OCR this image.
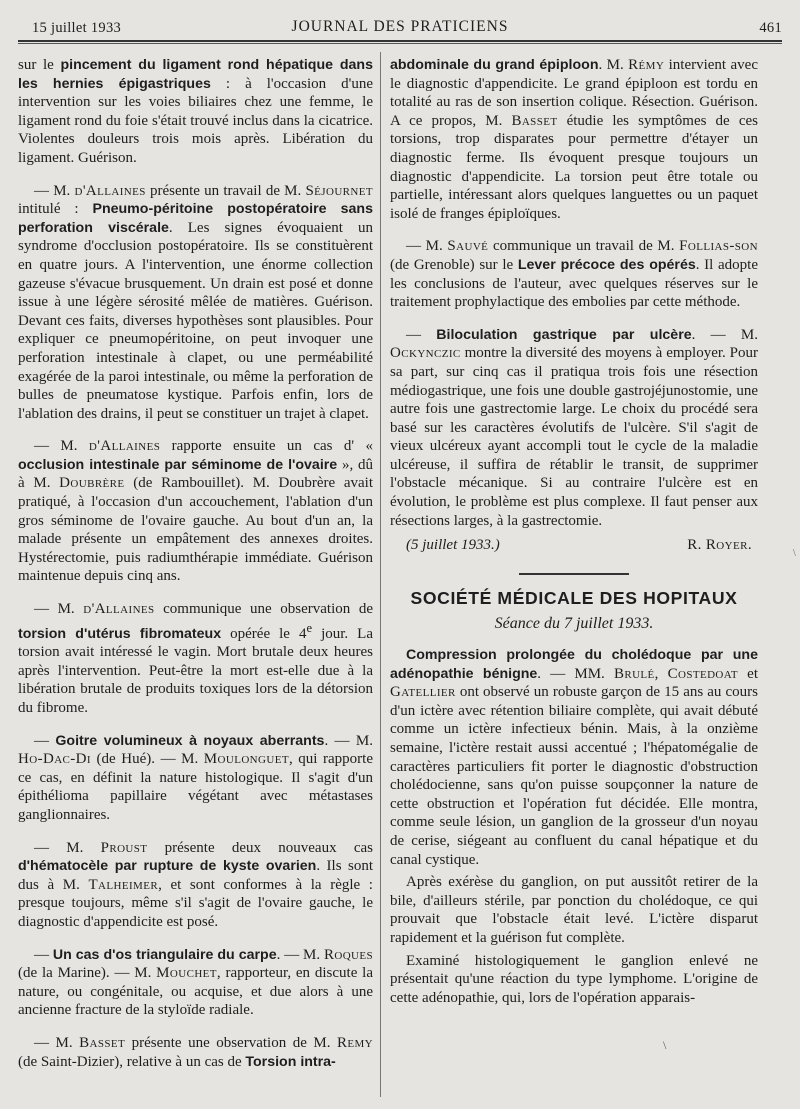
15 juillet 1933	JOURNAL DES PRATICIENS	461

sur le pincement du ligament rond hépatique dans les hernies épigastriques : à l'occasion d'une intervention sur les voies biliaires chez une femme, le ligament rond du foie s'était trouvé inclus dans la cicatrice. Violentes douleurs trois mois après. Libération du ligament. Guérison.

— M. d'Allaines présente un travail de M. Séjournet intitulé : Pneumo-péritoine postopératoire sans perforation viscérale. Les signes évoquaient un syndrome d'occlusion postopératoire. Ils se constituèrent en quatre jours. A l'intervention, une énorme collection gazeuse s'évacue brusquement. Un drain est posé et donne issue à une légère sérosité mêlée de matières. Guérison. Devant ces faits, diverses hypothèses sont plausibles. Pour expliquer ce pneumopéritoine, on peut invoquer une perforation intestinale à clapet, ou une perméabilité exagérée de la paroi intestinale, ou même la perforation de bulles de pneumatose kystique. Parfois enfin, lors de l'ablation des drains, il peut se constituer un trajet à clapet.

— M. d'Allaines rapporte ensuite un cas d' « occlusion intestinale par séminome de l'ovaire », dû à M. Doubrère (de Rambouillet). M. Doubrère avait pratiqué, à l'occasion d'un accouchement, l'ablation d'un gros séminome de l'ovaire gauche. Au bout d'un an, la malade présente un empâtement des annexes droites. Hystérectomie, puis radiumthérapie immédiate. Guérison maintenue depuis cinq ans.

— M. d'Allaines communique une observation de torsion d'utérus fibromateux opérée le 4e jour. La torsion avait intéressé le vagin. Mort brutale deux heures après l'intervention. Peut-être la mort est-elle due à la libération brutale de produits toxiques lors de la détorsion du fibrome.

— Goitre volumineux à noyaux aberrants. — M. Ho-Dac-Di (de Hué). — M. Moulonguet, qui rapporte ce cas, en définit la nature histologique. Il s'agit d'un épithélioma papillaire végétant avec métastases ganglionnaires.

— M. Proust présente deux nouveaux cas d'hématocèle par rupture de kyste ovarien. Ils sont dus à M. Talheimer, et sont conformes à la règle : presque toujours, même s'il s'agit de l'ovaire gauche, le diagnostic d'appendicite est posé.

— Un cas d'os triangulaire du carpe. — M. Roques (de la Marine). — M. Mouchet, rapporteur, en discute la nature, ou congénitale, ou acquise, et due alors à une ancienne fracture de la styloïde radiale.

— M. Basset présente une observation de M. Remy (de Saint-Dizier), relative à un cas de Torsion intra-

abdominale du grand épiploon. M. Rémy intervient avec le diagnostic d'appendicite. Le grand épiploon est tordu en totalité au ras de son insertion colique. Résection. Guérison. A ce propos, M. Basset étudie les symptômes de ces torsions, trop disparates pour permettre d'étayer un diagnostic ferme. Ils évoquent presque toujours un diagnostic d'appendicite. La torsion peut être totale ou partielle, intéressant alors quelques languettes ou un paquet isolé de franges épiploïques.

— M. Sauvé communique un travail de M. Follias-son (de Grenoble) sur le Lever précoce des opérés. Il adopte les conclusions de l'auteur, avec quelques réserves sur le traitement prophylactique des embolies par cette méthode.

— Biloculation gastrique par ulcère. — M. Ockynczic montre la diversité des moyens à employer. Pour sa part, sur cinq cas il pratiqua trois fois une résection médiogastrique, une fois une double gastrojéjunostomie, une autre fois une gastrectomie large. Le choix du procédé sera basé sur les caractères évolutifs de l'ulcère. S'il s'agit de vieux ulcéreux ayant accompli tout le cycle de la maladie ulcéreuse, il suffira de rétablir le transit, de supprimer l'obstacle mécanique. Si au contraire l'ulcère est en évolution, le problème est plus complexe. Il faut penser aux résections larges, à la gastrectomie.

(5 juillet 1933.)	R. Royer.
SOCIÉTÉ MÉDICALE DES HOPITAUX
Séance du 7 juillet 1933.

Compression prolongée du cholédoque par une adénopathie bénigne. — MM. Brulé, Costedoat et Gatellier ont observé un robuste garçon de 15 ans au cours d'un ictère avec rétention biliaire complète, qui avait débuté comme un ictère infectieux bénin. Mais, à la onzième semaine, l'ictère restait aussi accentué ; l'hépatomégalie de caractères particuliers fit porter le diagnostic d'obstruction cholédocienne, sans qu'on puisse soupçonner la nature de cette obstruction et l'opération fut décidée. Elle montra, comme seule lésion, un ganglion de la grosseur d'un noyau de cerise, siégeant au confluent du canal hépatique et du canal cystique.

Après exérèse du ganglion, on put aussitôt retirer de la bile, d'ailleurs stérile, par ponction du cholédoque, ce qui prouvait que l'obstacle était levé. L'ictère disparut rapidement et la guérison fut complète.

Examiné histologiquement le ganglion enlevé ne présentait qu'une réaction du type lymphome. L'origine de cette adénopathie, qui, lors de l'opération apparais-

\
\
